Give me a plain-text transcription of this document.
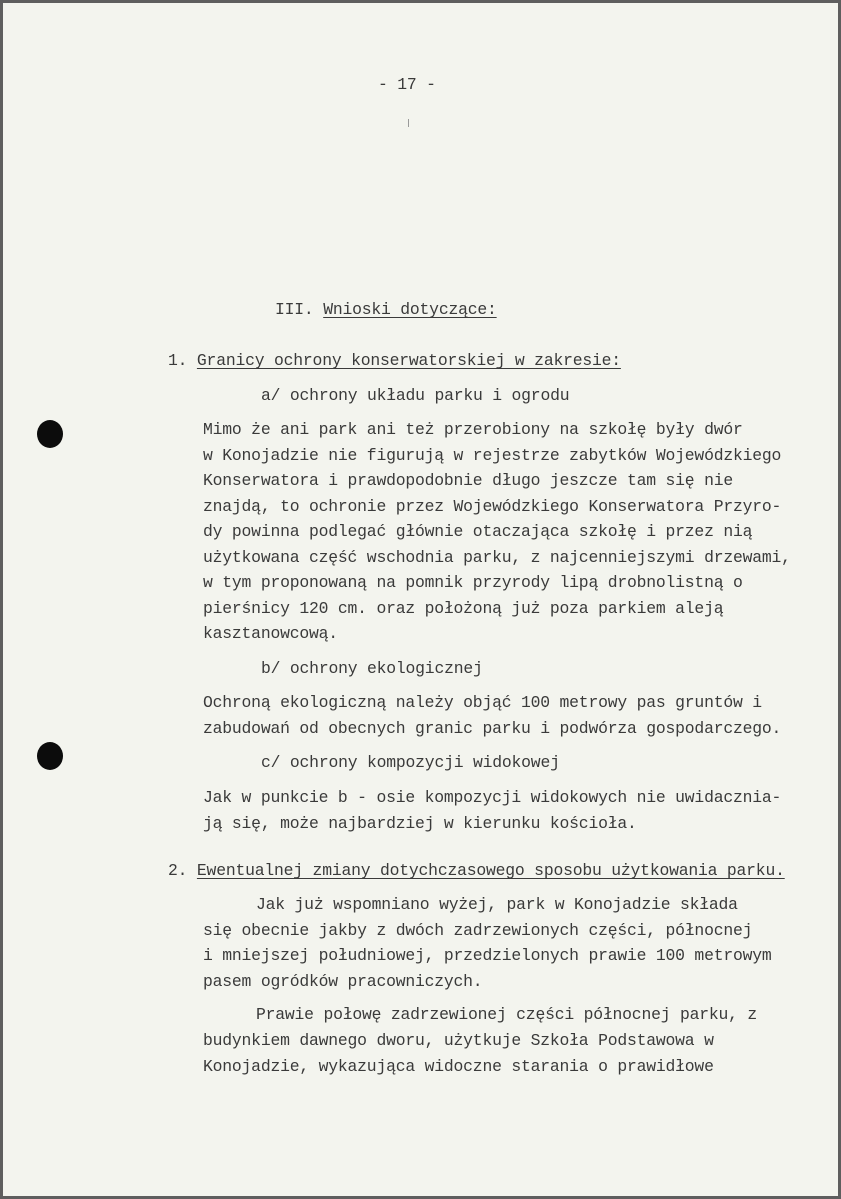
- 17 -
III. Wnioski dotyczące:
1. Granicy ochrony konserwatorskiej w zakresie:
a/ ochrony układu parku i ogrodu
Mimo że ani park ani też przerobiony na szkołę były dwór
w Konojadzie nie figurują w rejestrze zabytków Wojewódzkiego
Konserwatora i prawdopodobnie długo jeszcze tam się nie
znajdą, to ochronie przez Wojewódzkiego Konserwatora Przyro-
dy powinna podlegać głównie otaczająca szkołę i przez nią
użytkowana część wschodnia parku, z najcenniejszymi drzewami,
w tym proponowaną na pomnik przyrody lipą drobnolistną o
pierśnicy 120 cm. oraz położoną już poza parkiem aleją
kasztanowcową.
b/ ochrony ekologicznej
Ochroną ekologiczną należy objąć 100 metrowy pas gruntów i
zabudowań od obecnych granic parku i podwórza gospodarczego.
c/ ochrony kompozycji widokowej
Jak w punkcie b - osie kompozycji widokowych nie uwidacznia-
ją się, może najbardziej w kierunku kościoła.
2. Ewentualnej zmiany dotychczasowego sposobu użytkowania parku.
Jak już wspomniano wyżej, park w Konojadzie składa
się obecnie jakby z dwóch zadrzewionych części, północnej
i mniejszej południowej, przedzielonych prawie 100 metrowym
pasem ogródków pracowniczych.
Prawie połowę zadrzewionej części północnej parku, z
budynkiem dawnego dworu, użytkuje Szkoła Podstawowa w
Konojadzie, wykazująca widoczne starania o prawidłowe
